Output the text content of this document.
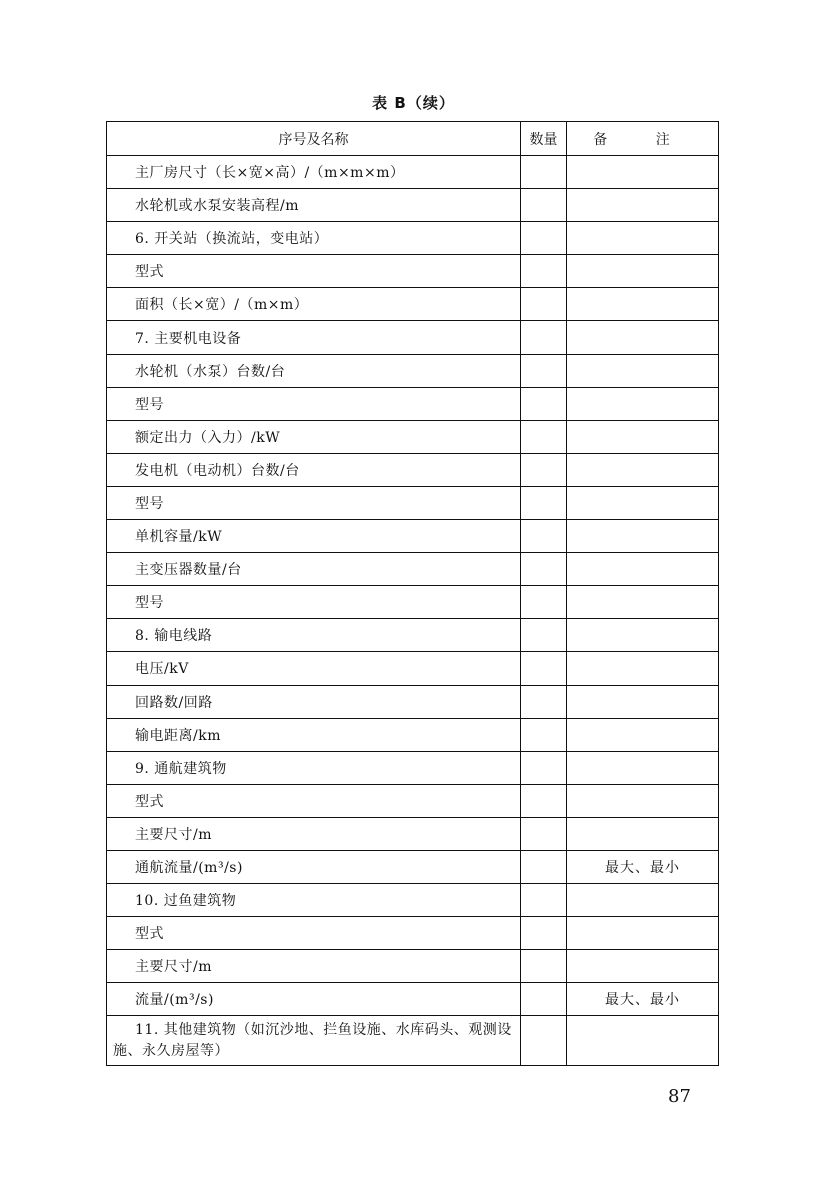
表 B（续）
序号及名称	数量	备 注
主厂房尺寸（长×宽×高）/（m×m×m）		
水轮机或水泵安装高程/m		
6. 开关站（换流站，变电站）		
型式		
面积（长×宽）/（m×m）		
7. 主要机电设备		
水轮机（水泵）台数/台		
型号		
额定出力（入力）/kW		
发电机（电动机）台数/台		
型号		
单机容量/kW		
主变压器数量/台		
型号		
8. 输电线路		
电压/kV		
回路数/回路		
输电距离/km		
9. 通航建筑物		
型式		
主要尺寸/m		
通航流量/(m³/s)		最大、最小
10. 过鱼建筑物		
型式		
主要尺寸/m		
流量/(m³/s)		最大、最小
11. 其他建筑物（如沉沙地、拦鱼设施、水库码头、观测设施、永久房屋等）		
87
